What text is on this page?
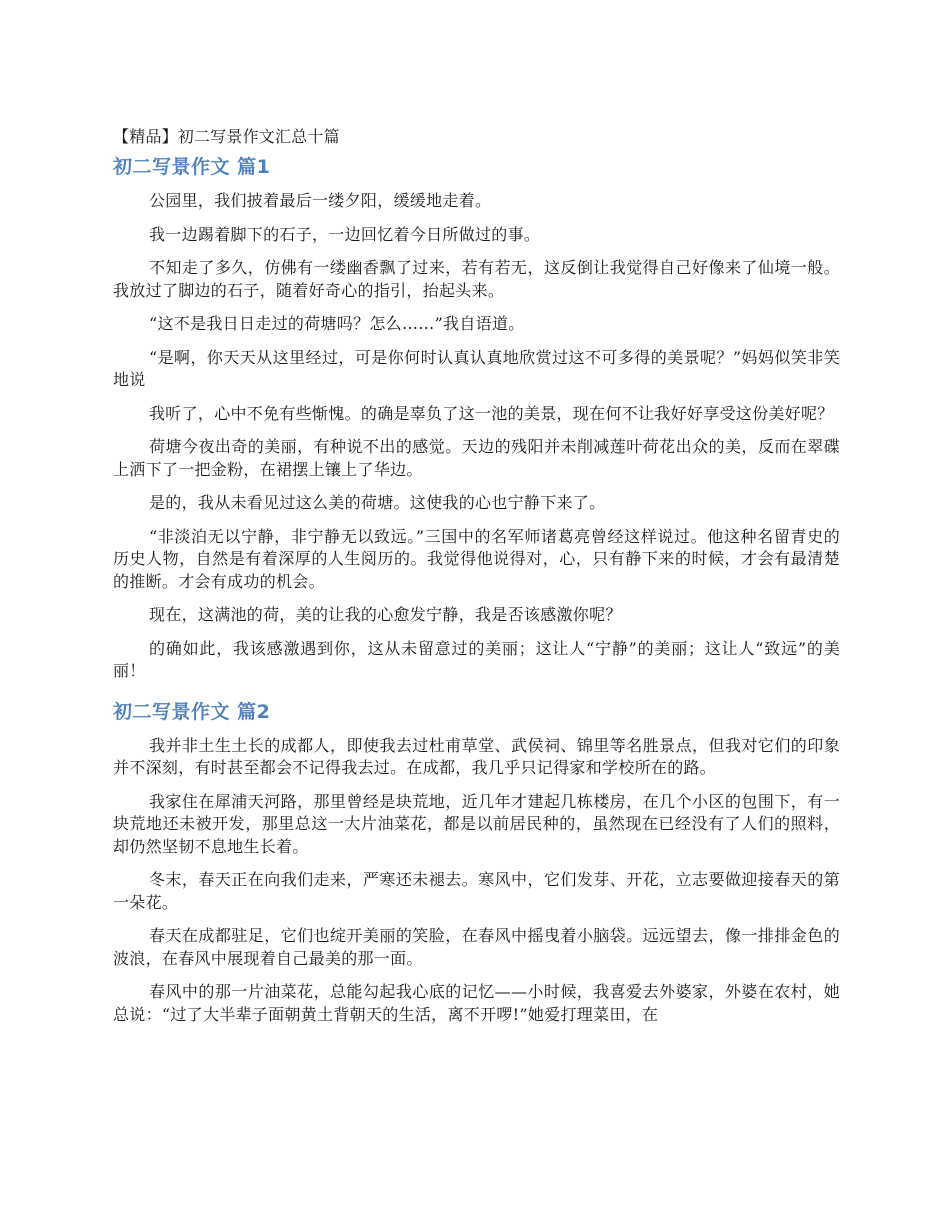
【精品】初二写景作文汇总十篇
初二写景作文 篇1

公园里，我们披着最后一缕夕阳，缓缓地走着。

我一边踢着脚下的石子，一边回忆着今日所做过的事。

不知走了多久，仿佛有一缕幽香飘了过来，若有若无，这反倒让我觉得自己好像来了仙境一般。我放过了脚边的石子，随着好奇心的指引，抬起头来。

“这不是我日日走过的荷塘吗？怎么……”我自语道。

“是啊，你天天从这里经过，可是你何时认真认真地欣赏过这不可多得的美景呢？”妈妈似笑非笑地说

我听了，心中不免有些惭愧。的确是辜负了这一池的美景，现在何不让我好好享受这份美好呢？

荷塘今夜出奇的美丽，有种说不出的感觉。天边的残阳并未削减莲叶荷花出众的美，反而在翠碟上洒下了一把金粉，在裙摆上镶上了华边。

是的，我从未看见过这么美的荷塘。这使我的心也宁静下来了。

“非淡泊无以宁静，非宁静无以致远。”三国中的名军师诸葛亮曾经这样说过。他这种名留青史的历史人物，自然是有着深厚的人生阅历的。我觉得他说得对，心，只有静下来的时候，才会有最清楚的推断。才会有成功的机会。

现在，这满池的荷，美的让我的心愈发宁静，我是否该感激你呢？

的确如此，我该感激遇到你，这从未留意过的美丽；这让人“宁静”的美丽；这让人“致远”的美丽！

初二写景作文 篇2

我并非土生土长的成都人，即使我去过杜甫草堂、武侯祠、锦里等名胜景点，但我对它们的印象并不深刻，有时甚至都会不记得我去过。在成都，我几乎只记得家和学校所在的路。

我家住在犀浦天河路，那里曾经是块荒地，近几年才建起几栋楼房，在几个小区的包围下，有一块荒地还未被开发，那里总这一大片油菜花，都是以前居民种的，虽然现在已经没有了人们的照料，却仍然坚韧不息地生长着。

冬末，春天正在向我们走来，严寒还未褪去。寒风中，它们发芽、开花，立志要做迎接春天的第一朵花。

春天在成都驻足，它们也绽开美丽的笑脸，在春风中摇曳着小脑袋。远远望去，像一排排金色的波浪，在春风中展现着自己最美的那一面。

春风中的那一片油菜花，总能勾起我心底的记忆——小时候，我喜爱去外婆家，外婆在农村，她总说：“过了大半辈子面朝黄土背朝天的生活，离不开啰!”她爱打理菜田，在
